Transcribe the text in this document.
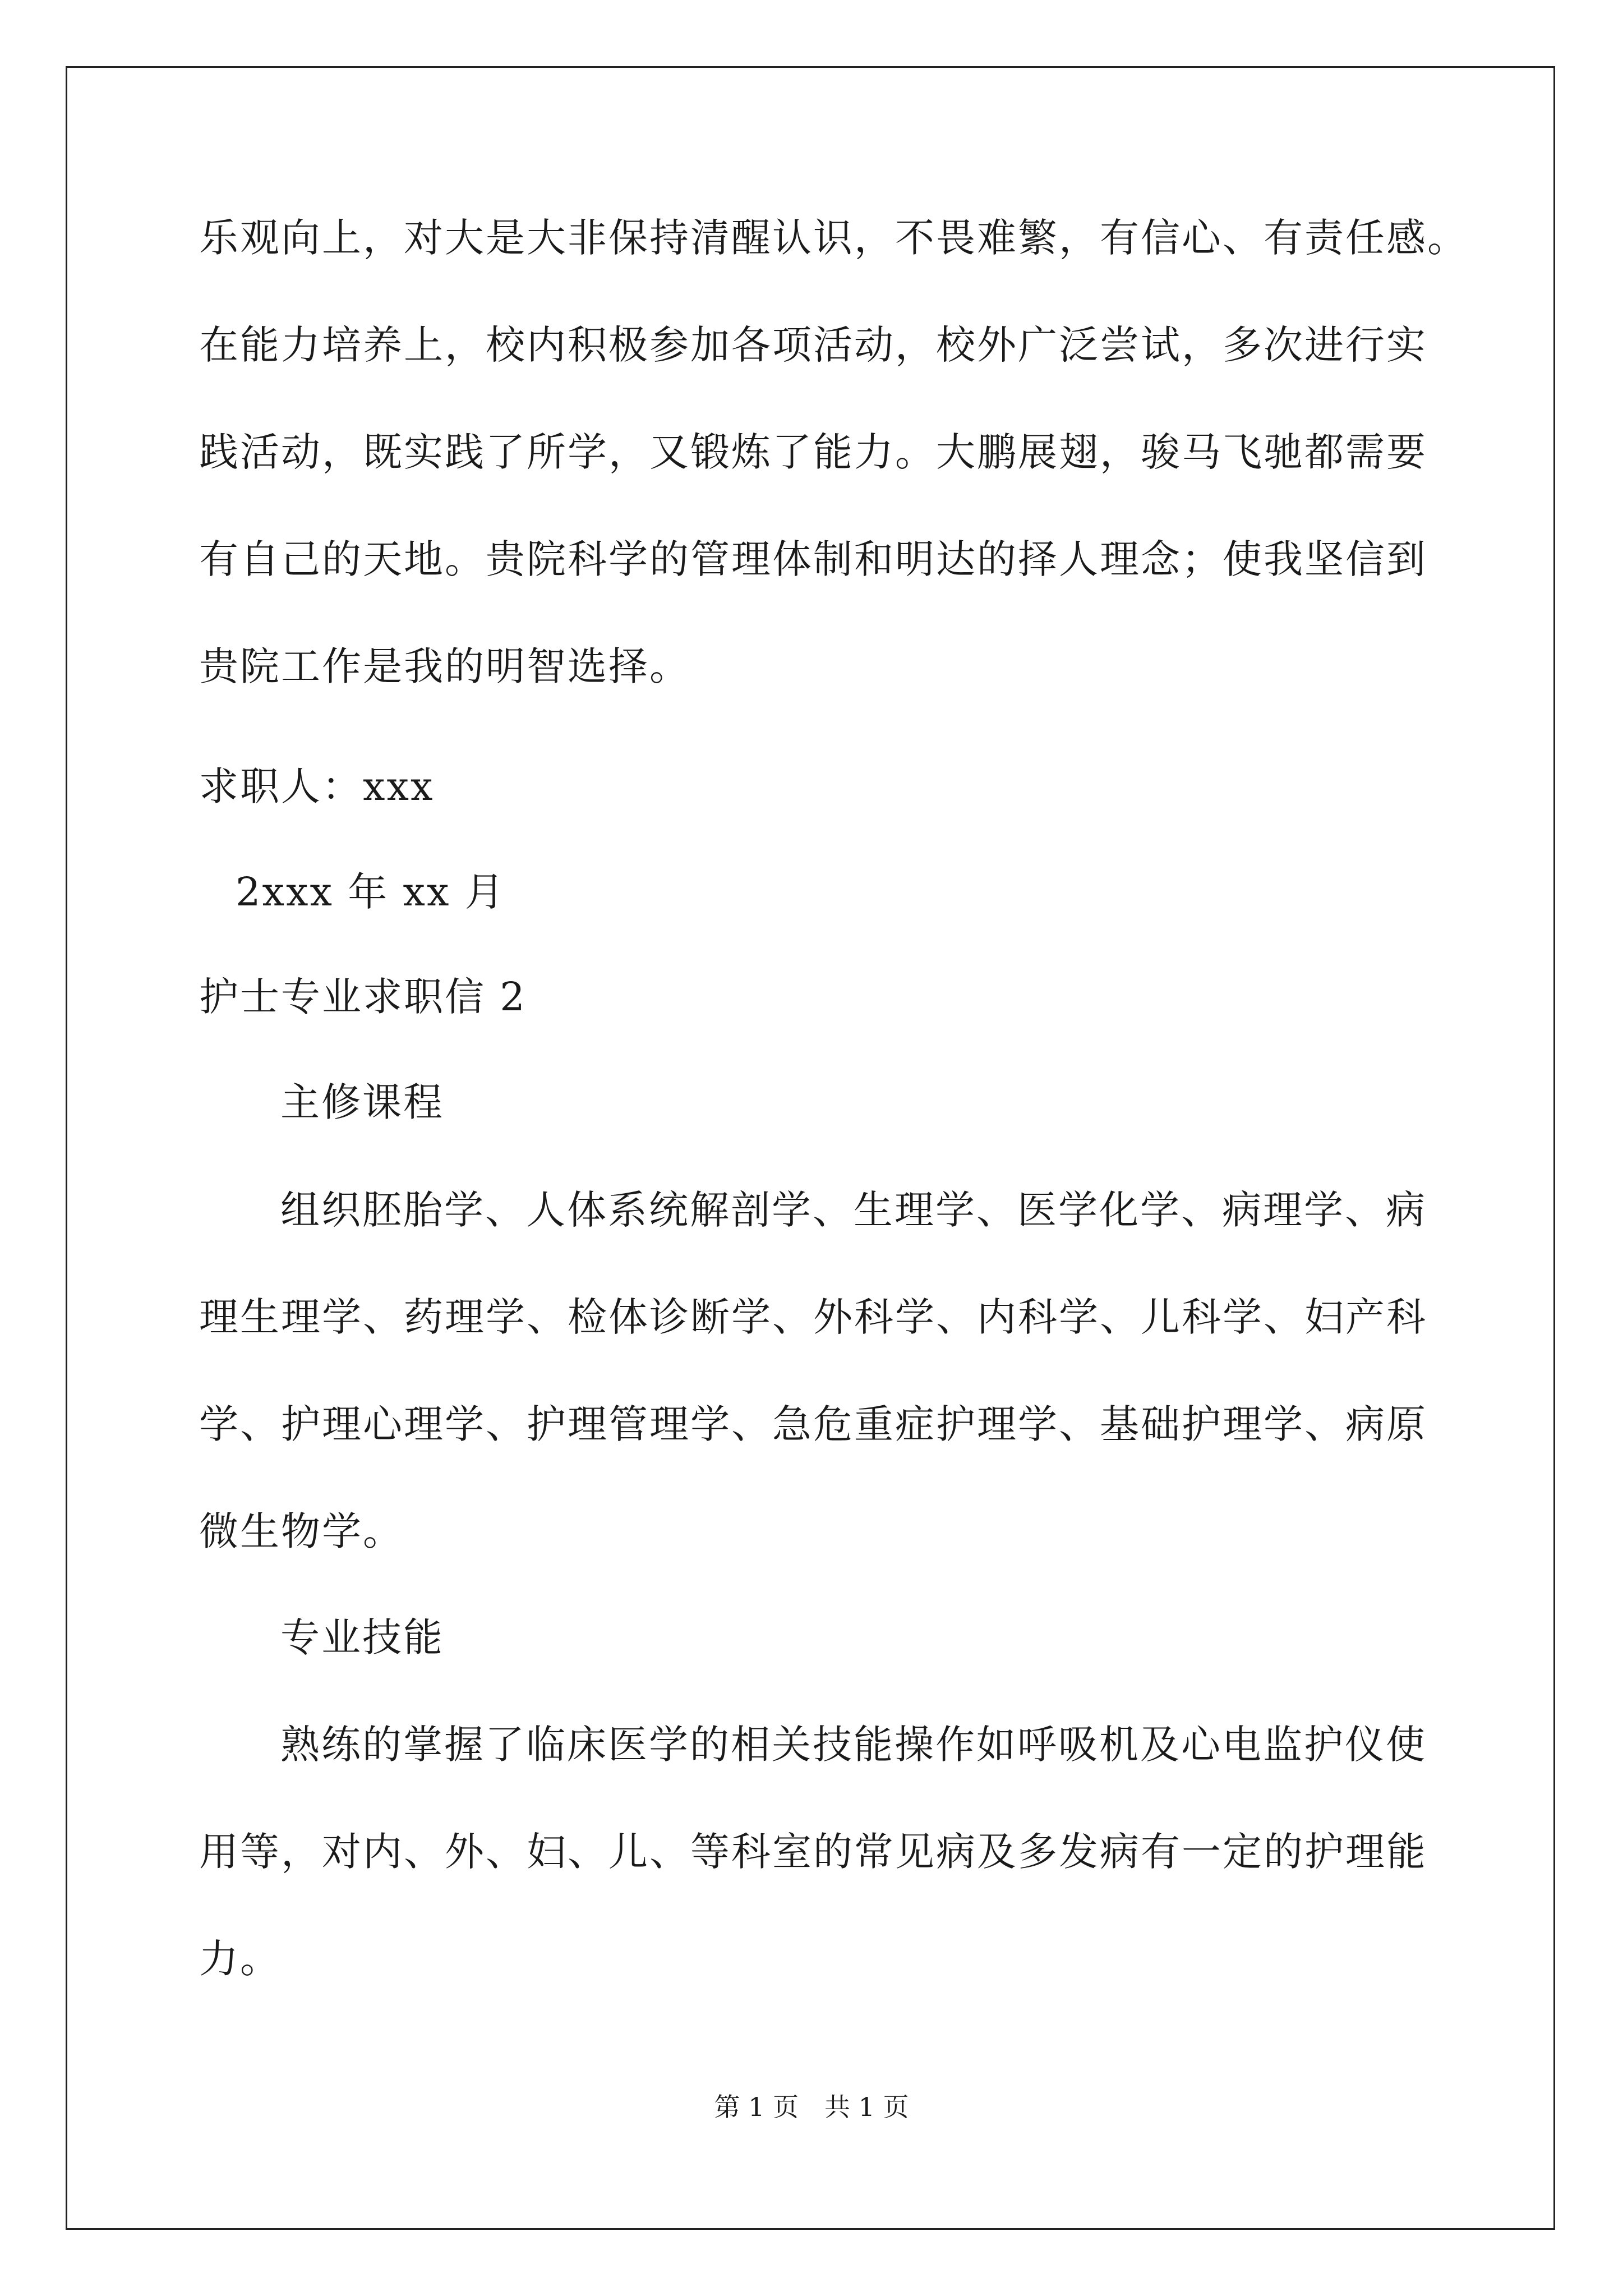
乐观向上，对大是大非保持清醒认识，不畏难繁，有信心、有责任感。
在能力培养上，校内积极参加各项活动，校外广泛尝试，多次进行实
践活动，既实践了所学，又锻炼了能力。大鹏展翅，骏马飞驰都需要
有自己的天地。贵院科学的管理体制和明达的择人理念；使我坚信到
贵院工作是我的明智选择。
求职人：xxx
2xxx 年 xx 月
护士专业求职信 2
主修课程
组织胚胎学、人体系统解剖学、生理学、医学化学、病理学、病
理生理学、药理学、检体诊断学、外科学、内科学、儿科学、妇产科
学、护理心理学、护理管理学、急危重症护理学、基础护理学、病原
微生物学。
专业技能
熟练的掌握了临床医学的相关技能操作如呼吸机及心电监护仪使
用等，对内、外、妇、儿、等科室的常见病及多发病有一定的护理能
力。
第 1 页　共 1 页
